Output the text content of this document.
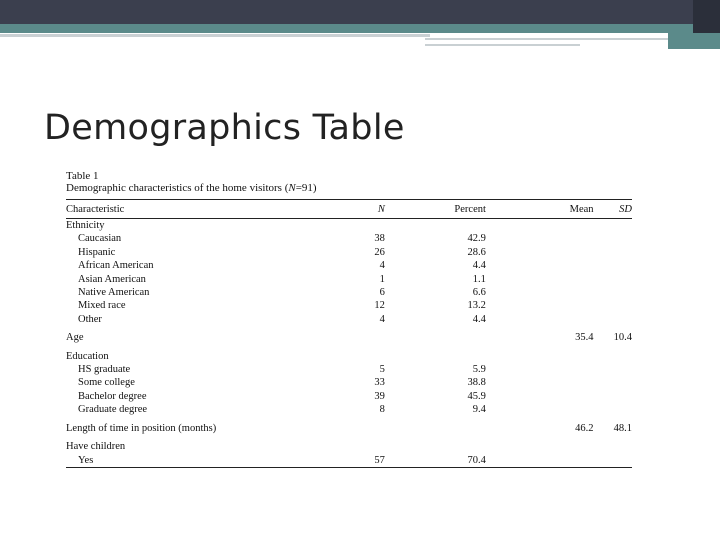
Demographics Table

Table 1

Demographic characteristics of the home visitors (N=91)

Characteristic	N	Percent	Mean	SD
Ethnicity				
Caucasian	38	42.9		
Hispanic	26	28.6		
African American	4	4.4		
Asian American	1	1.1		
Native American	6	6.6		
Mixed race	12	13.2		
Other	4	4.4		
Age			35.4	10.4
Education				
HS graduate	5	5.9		
Some college	33	38.8		
Bachelor degree	39	45.9		
Graduate degree	8	9.4		
Length of time in position (months)			46.2	48.1
Have children				
Yes	57	70.4		
